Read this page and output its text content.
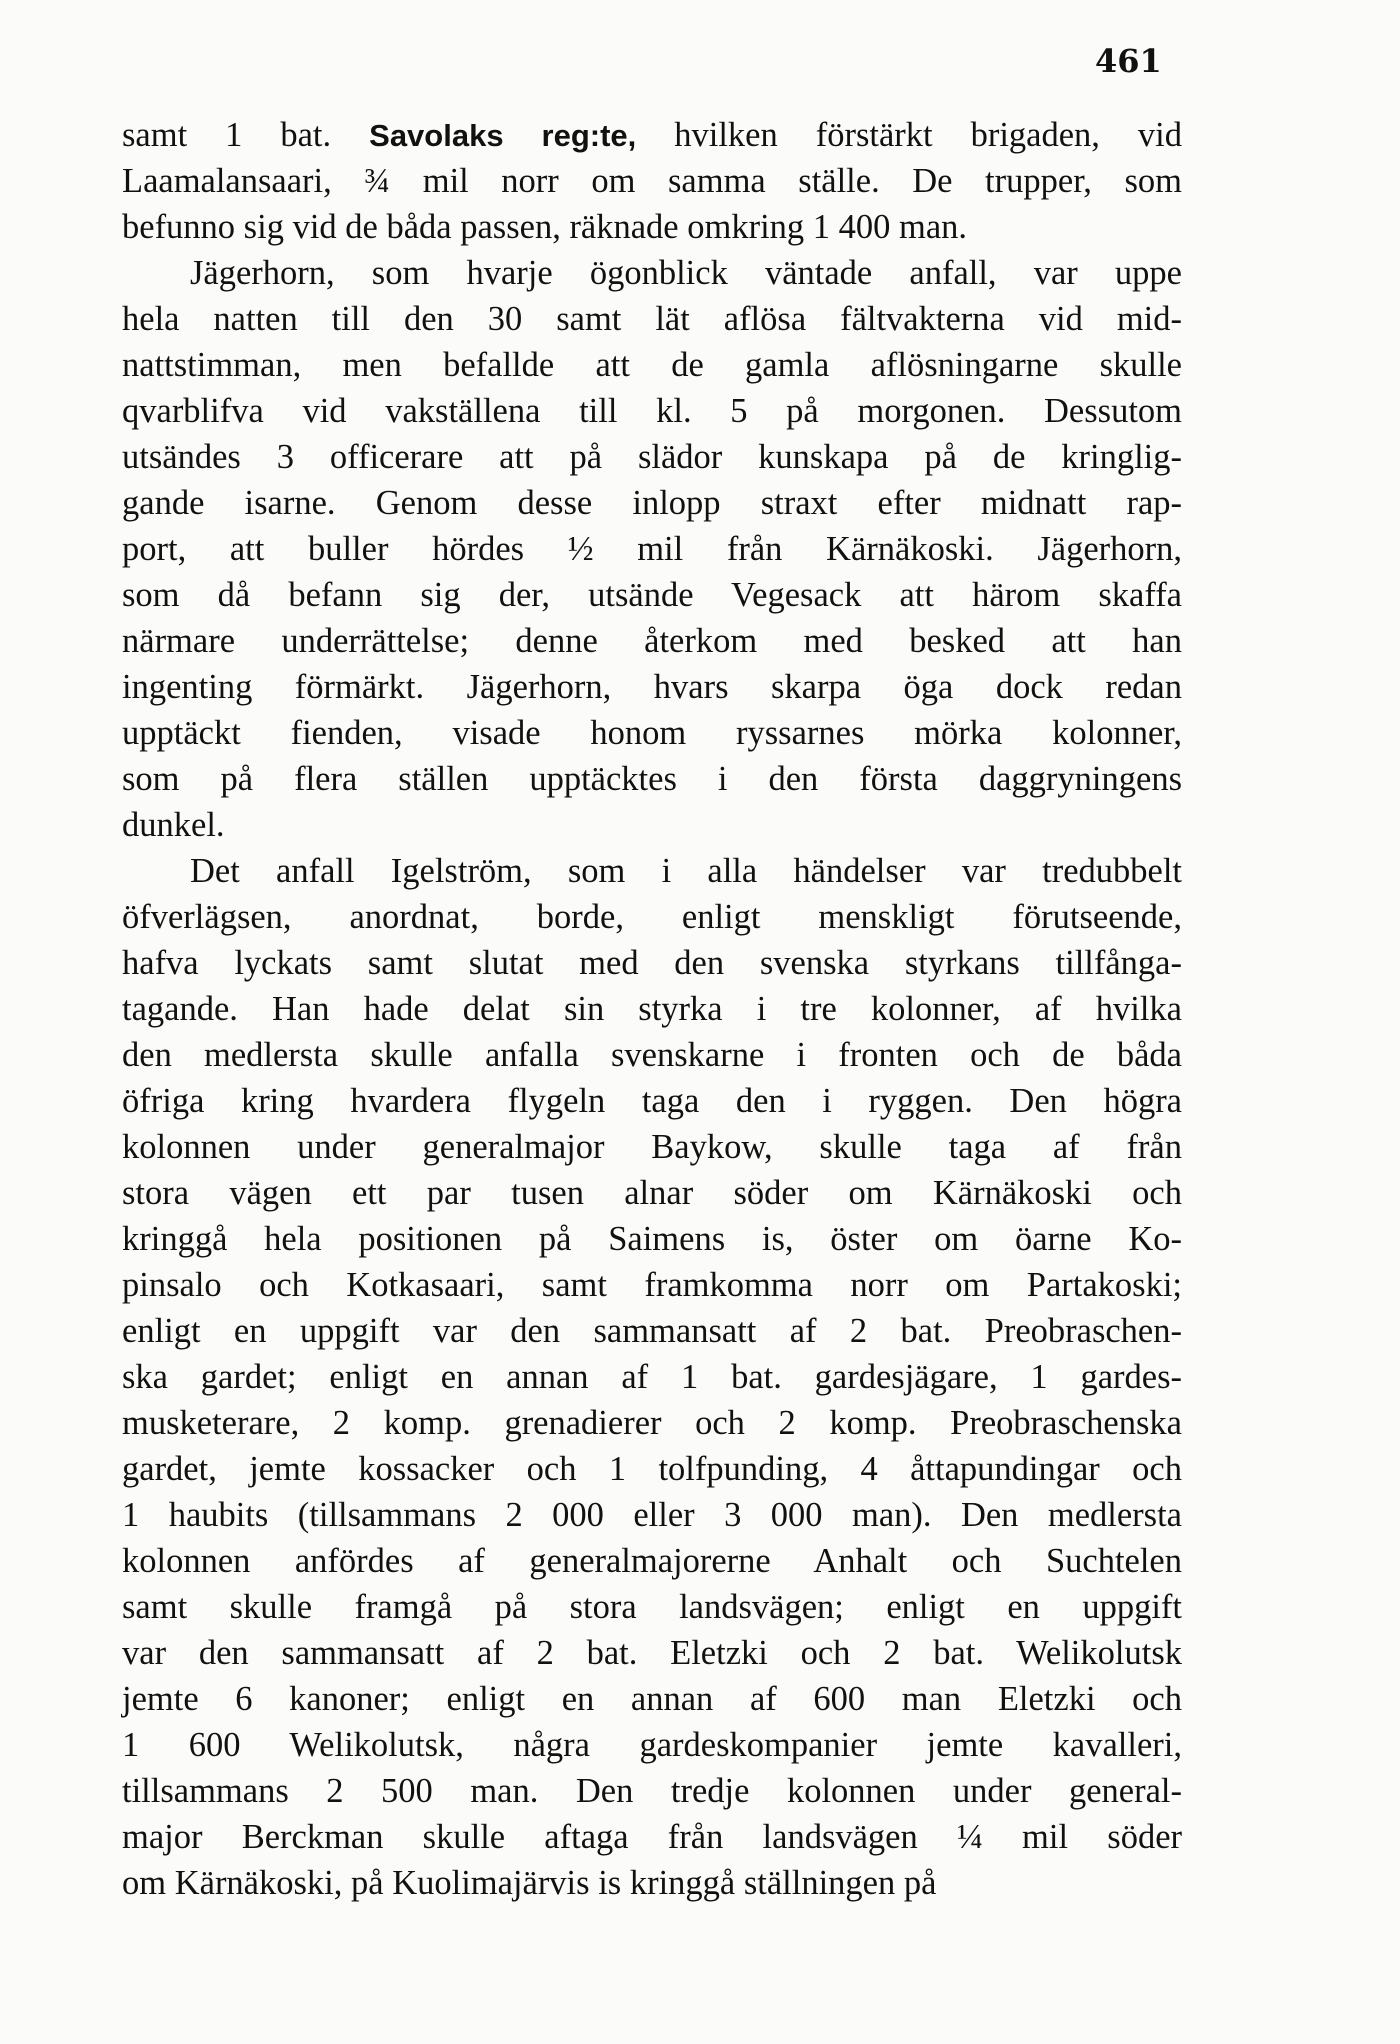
461

samt 1 bat. Savolaks reg:te, hvilken förstärkt brigaden, vid
Laamalansaari, ¾ mil norr om samma ställe. De trupper, som
befunno sig vid de båda passen, räknade omkring 1 400 man.

Jägerhorn, som hvarje ögonblick väntade anfall, var uppe
hela natten till den 30 samt lät aflösa fältvakterna vid mid-
nattstimman, men befallde att de gamla aflösningarne skulle
qvarblifva vid vakställena till kl. 5 på morgonen. Dessutom
utsändes 3 officerare att på slädor kunskapa på de kringlig-
gande isarne. Genom desse inlopp straxt efter midnatt rap-
port, att buller hördes ½ mil från Kärnäkoski. Jägerhorn,
som då befann sig der, utsände Vegesack att härom skaffa
närmare underrättelse; denne återkom med besked att han
ingenting förmärkt. Jägerhorn, hvars skarpa öga dock redan
upptäckt fienden, visade honom ryssarnes mörka kolonner,
som på flera ställen upptäcktes i den första daggryningens
dunkel.

Det anfall Igelström, som i alla händelser var tredubbelt
öfverlägsen, anordnat, borde, enligt menskligt förutseende,
hafva lyckats samt slutat med den svenska styrkans tillfånga-
tagande. Han hade delat sin styrka i tre kolonner, af hvilka
den medlersta skulle anfalla svenskarne i fronten och de båda
öfriga kring hvardera flygeln taga den i ryggen. Den högra
kolonnen under generalmajor Baykow, skulle taga af från
stora vägen ett par tusen alnar söder om Kärnäkoski och
kringgå hela positionen på Saimens is, öster om öarne Ko-
pinsalo och Kotkasaari, samt framkomma norr om Partakoski;
enligt en uppgift var den sammansatt af 2 bat. Preobraschen-
ska gardet; enligt en annan af 1 bat. gardesjägare, 1 gardes-
musketerare, 2 komp. grenadierer och 2 komp. Preobraschenska
gardet, jemte kossacker och 1 tolfpunding, 4 åttapundingar och
1 haubits (tillsammans 2 000 eller 3 000 man). Den medlersta
kolonnen anfördes af generalmajorerne Anhalt och Suchtelen
samt skulle framgå på stora landsvägen; enligt en uppgift
var den sammansatt af 2 bat. Eletzki och 2 bat. Welikolutsk
jemte 6 kanoner; enligt en annan af 600 man Eletzki och
1 600 Welikolutsk, några gardeskompanier jemte kavalleri,
tillsammans 2 500 man. Den tredje kolonnen under general-
major Berckman skulle aftaga från landsvägen ¼ mil söder
om Kärnäkoski, på Kuolimajärvis is kringgå ställningen på
